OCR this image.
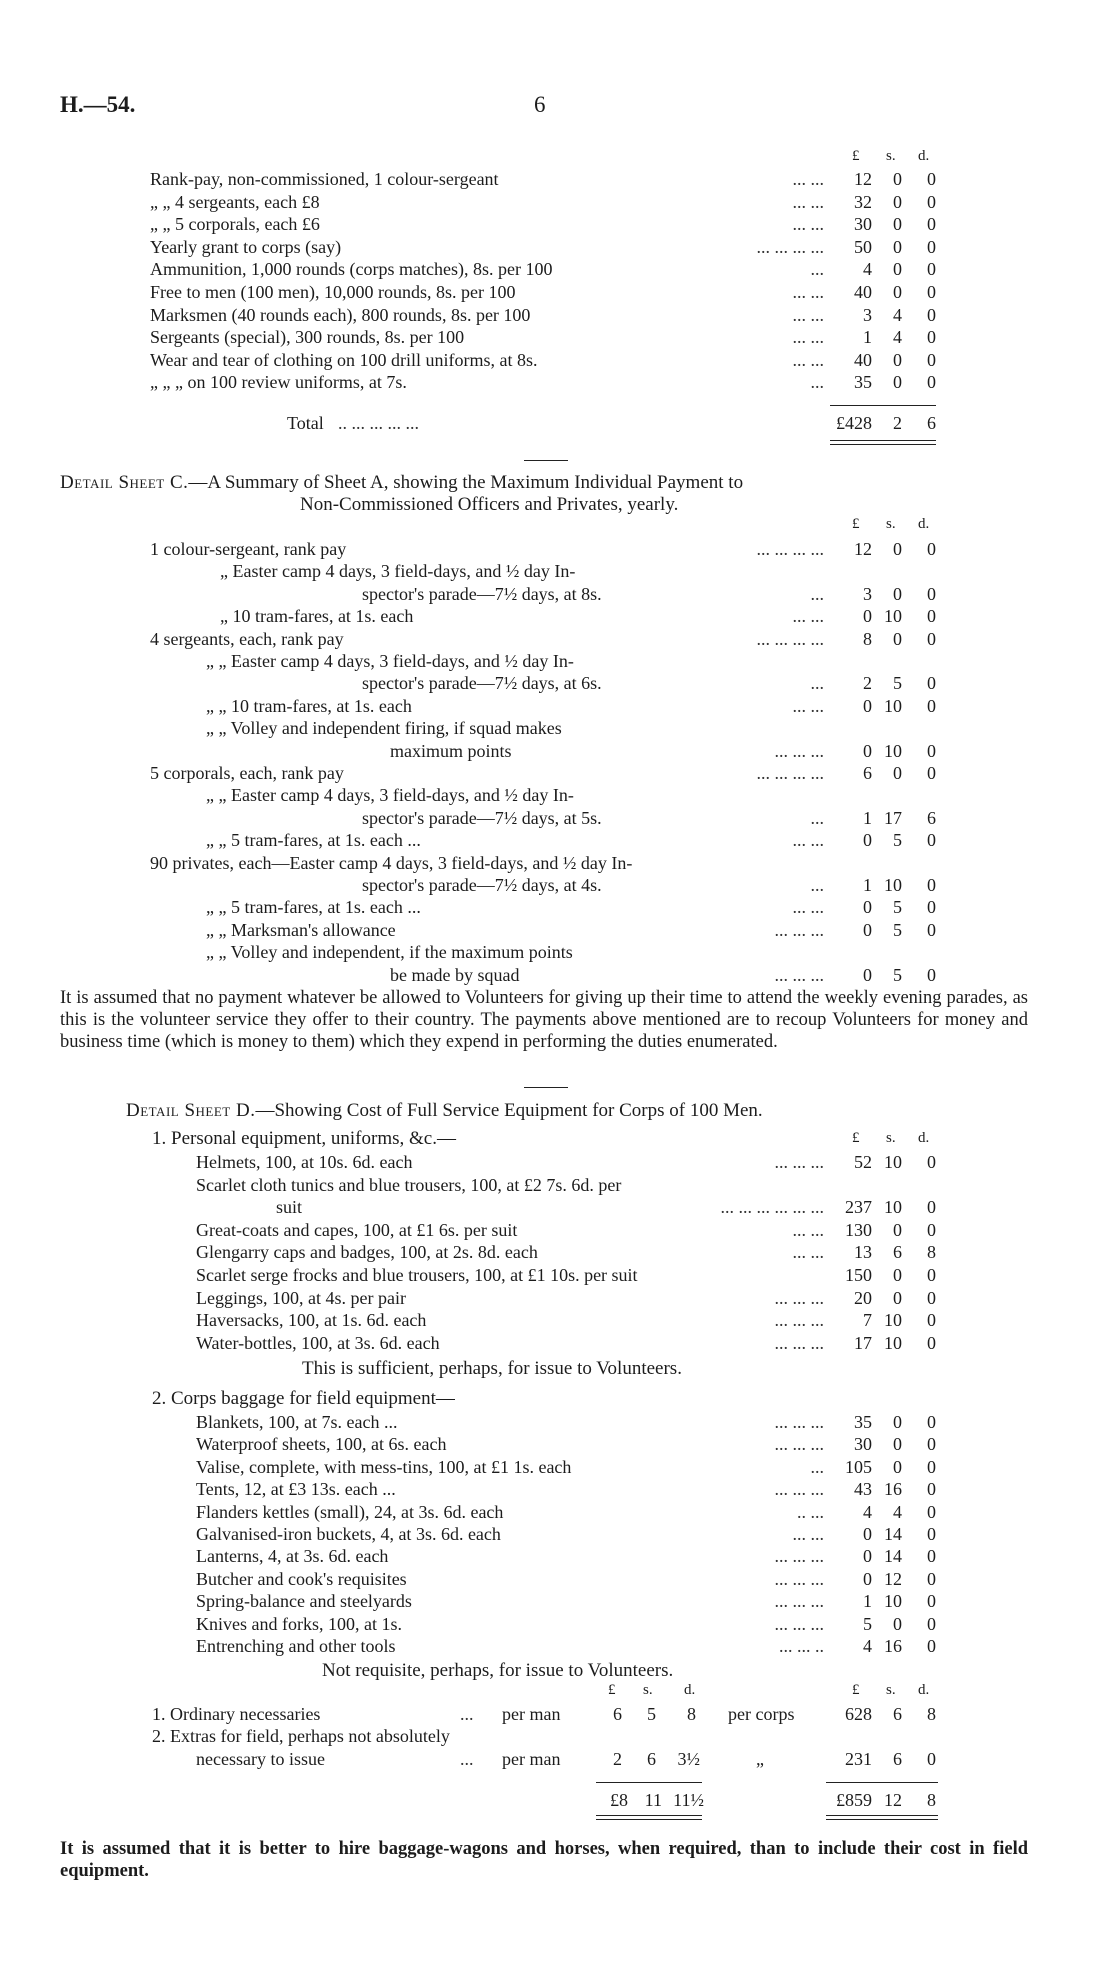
H.—54.	6
£ s. d.
Rank-pay, non-commissioned, 1 colour-sergeant	... ...	12	0	0
„ „ 4 sergeants, each £8	... ...	32	0	0
„ „ 5 corporals, each £6	... ...	30	0	0
Yearly grant to corps (say)	... ... ... ...	50	0	0
Ammunition, 1,000 rounds (corps matches), 8s. per 100	...	4	0	0
Free to men (100 men), 10,000 rounds, 8s. per 100	... ...	40	0	0
Marksmen (40 rounds each), 800 rounds, 8s. per 100	... ...	3	4	0
Sergeants (special), 300 rounds, 8s. per 100	... ...	1	4	0
Wear and tear of clothing on 100 drill uniforms, at 8s.	... ...	40	0	0
„ „ „ on 100 review uniforms, at 7s.	...	35	0	0
Total .. ... ... ... ...	£428	2	6
Detail Sheet C.—A Summary of Sheet A, showing the Maximum Individual Payment to
Non-Commissioned Officers and Privates, yearly.
£ s. d.
1 colour-sergeant, rank pay	... ... ... ...	12	0	0
„ Easter camp 4 days, 3 field-days, and ½ day In-
spector's parade—7½ days, at 8s.	...	3	0	0
„ 10 tram-fares, at 1s. each	... ...	0 10	0
4 sergeants, each, rank pay	... ... ... ...	8	0	0
„ „ Easter camp 4 days, 3 field-days, and ½ day In-
spector's parade—7½ days, at 6s.	...	2	5	0
„ „ 10 tram-fares, at 1s. each	... ...	0 10	0
„ „ Volley and independent firing, if squad makes
maximum points	... ... ...	0 10	0
5 corporals, each, rank pay	... ... ... ...	6	0	0
„ „ Easter camp 4 days, 3 field-days, and ½ day In-
spector's parade—7½ days, at 5s.	...	1 17	6
„ „ 5 tram-fares, at 1s. each ...	... ...	0	5	0
90 privates, each—Easter camp 4 days, 3 field-days, and ½ day In-
spector's parade—7½ days, at 4s.	...	1 10	0
„ „ 5 tram-fares, at 1s. each ...	... ...	0	5	0
„ „ Marksman's allowance	... ... ...	0	5	0
„ „ Volley and independent, if the maximum points
be made by squad	... ... ...	0	5	0
It is assumed that no payment whatever be allowed to Volunteers for giving up their time to attend the weekly evening parades, as this is the volunteer service they offer to their country. The payments above mentioned are to recoup Volunteers for money and business time (which is money to them) which they expend in performing the duties enumerated.
Detail Sheet D.—Showing Cost of Full Service Equipment for Corps of 100 Men.
1. Personal equipment, uniforms, &c.—	£ s. d.
Helmets, 100, at 10s. 6d. each	... ... ...	52 10	0
Scarlet cloth tunics and blue trousers, 100, at £2 7s. 6d. per
suit	... ... ... ... ... ...	237 10	0
Great-coats and capes, 100, at £1 6s. per suit	... ...	130	0	0
Glengarry caps and badges, 100, at 2s. 8d. each	... ...	13	6	8
Scarlet serge frocks and blue trousers, 100, at £1 10s. per suit	150	0	0
Leggings, 100, at 4s. per pair	... ... ...	20	0	0
Haversacks, 100, at 1s. 6d. each	... ... ...	7 10	0
Water-bottles, 100, at 3s. 6d. each	... ... ...	17 10	0
This is sufficient, perhaps, for issue to Volunteers.
2. Corps baggage for field equipment—
Blankets, 100, at 7s. each ...	... ... ...	35	0	0
Waterproof sheets, 100, at 6s. each	... ... ...	30	0	0
Valise, complete, with mess-tins, 100, at £1 1s. each	...	105	0	0
Tents, 12, at £3 13s. each ...	... ... ...	43 16	0
Flanders kettles (small), 24, at 3s. 6d. each	.. ...	4	4	0
Galvanised-iron buckets, 4, at 3s. 6d. each	... ...	0 14	0
Lanterns, 4, at 3s. 6d. each	... ... ...	0 14	0
Butcher and cook's requisites	... ... ...	0 12	0
Spring-balance and steelyards	... ... ...	1 10	0
Knives and forks, 100, at 1s.	... ... ...	5	0	0
Entrenching and other tools	... ... ..	4 16	0
Not requisite, perhaps, for issue to Volunteers.
£ s. d.	£ s. d.
1. Ordinary necessaries	... per man	6	5	8 per corps	628	6	8
2. Extras for field, perhaps not absolutely
necessary to issue	... per man	2	6	3½	„	231	6	0
£8 11 11½	£859 12	8
It is assumed that it is better to hire baggage-wagons and horses, when required, than to include their cost in field equipment.
